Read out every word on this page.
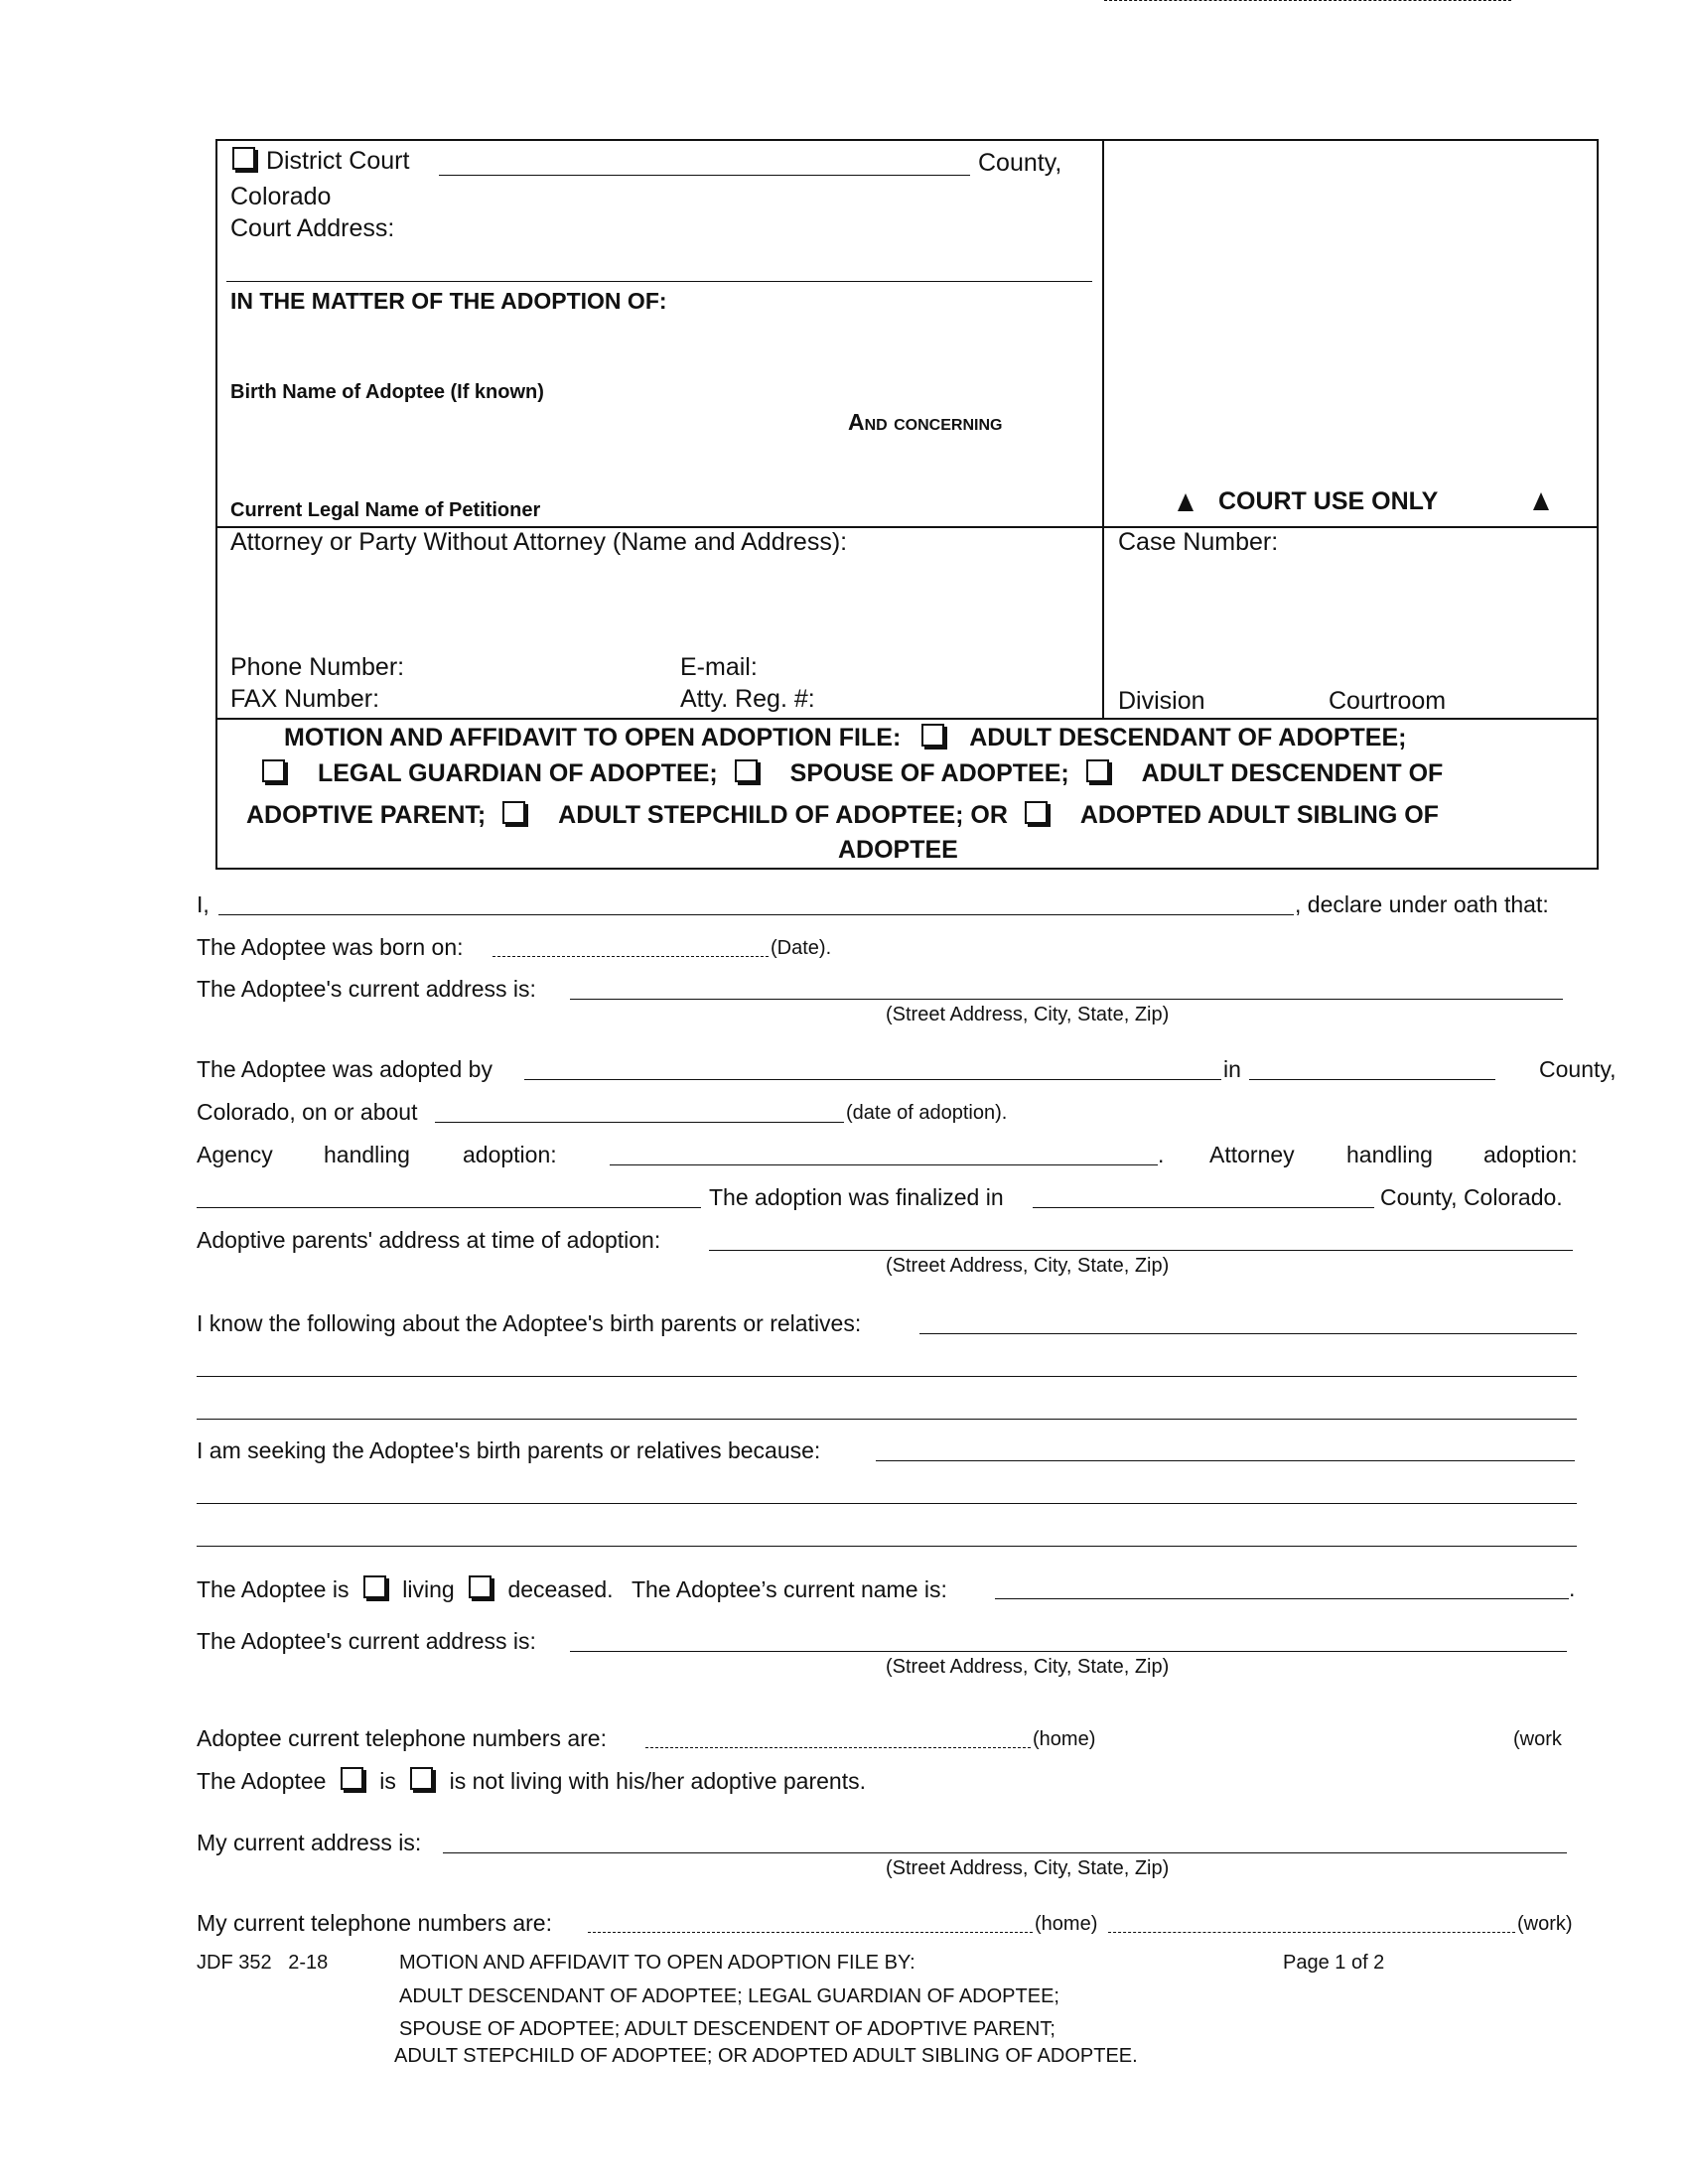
District Court	County,
Colorado
Court Address:
IN THE MATTER OF THE ADOPTION OF:
Birth Name of Adoptee (If known)
And concerning
Current Legal Name of Petitioner	COURT USE ONLY
Attorney or Party Without Attorney (Name and Address):
Phone Number:	E-mail:
FAX Number:	Atty. Reg. #:
Case Number:
Division	Courtroom
MOTION AND AFFIDAVIT TO OPEN ADOPTION FILE:	ADULT DESCENDANT OF ADOPTEE;
LEGAL GUARDIAN OF ADOPTEE;	SPOUSE OF ADOPTEE;	ADULT DESCENDENT OF
ADOPTIVE PARENT;	ADULT STEPCHILD OF ADOPTEE; OR	ADOPTED ADULT SIBLING OF
ADOPTEE
I,	, declare under oath that:
The Adoptee was born on:	(Date).
The Adoptee's current address is:
(Street Address, City, State, Zip)
The Adoptee was adopted by	in	County,
Colorado, on or about	(date of adoption).
Agency handling adoption:	. Attorney handling adoption:
The adoption was finalized in	County, Colorado.
Adoptive parents' address at time of adoption:
(Street Address, City, State, Zip)
I know the following about the Adoptee's birth parents or relatives:
I am seeking the Adoptee's birth parents or relatives because:
The Adoptee is living deceased. The Adoptee’s current name is:	.
The Adoptee's current address is:
(Street Address, City, State, Zip)
Adoptee current telephone numbers are:	(home)	(work
The Adoptee is is not living with his/her adoptive parents.
My current address is:
(Street Address, City, State, Zip)
My current telephone numbers are:	(home)	(work)
JDF 352   2-18	MOTION AND AFFIDAVIT TO OPEN ADOPTION FILE BY:	Page 1 of 2
ADULT DESCENDANT OF ADOPTEE; LEGAL GUARDIAN OF ADOPTEE;
SPOUSE OF ADOPTEE; ADULT DESCENDENT OF ADOPTIVE PARENT;
ADULT STEPCHILD OF ADOPTEE; OR ADOPTED ADULT SIBLING OF ADOPTEE.
